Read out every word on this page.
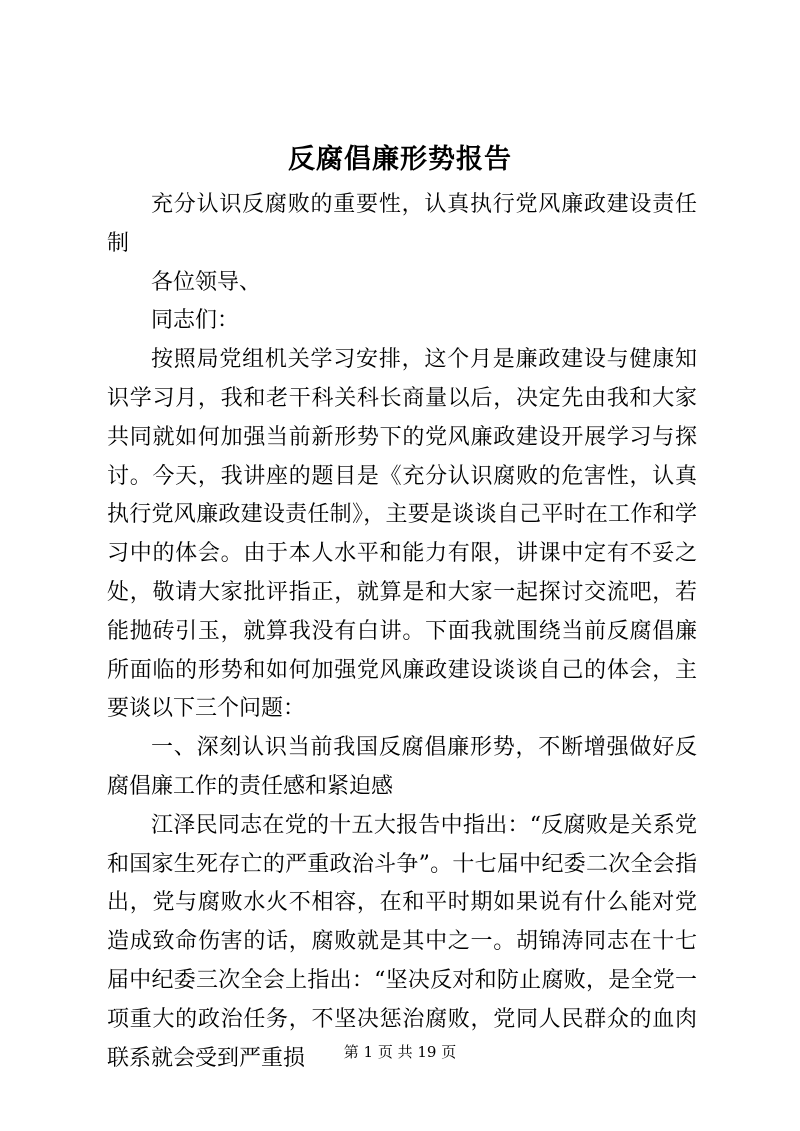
反腐倡廉形势报告

充分认识反腐败的重要性，认真执行党风廉政建设责任制

各位领导、

同志们：

按照局党组机关学习安排，这个月是廉政建设与健康知识学习月，我和老干科关科长商量以后，决定先由我和大家共同就如何加强当前新形势下的党风廉政建设开展学习与探讨。今天，我讲座的题目是《充分认识腐败的危害性，认真执行党风廉政建设责任制》，主要是谈谈自己平时在工作和学习中的体会。由于本人水平和能力有限，讲课中定有不妥之处，敬请大家批评指正，就算是和大家一起探讨交流吧，若能抛砖引玉，就算我没有白讲。下面我就围绕当前反腐倡廉所面临的形势和如何加强党风廉政建设谈谈自己的体会，主要谈以下三个问题：

一、深刻认识当前我国反腐倡廉形势，不断增强做好反腐倡廉工作的责任感和紧迫感

江泽民同志在党的十五大报告中指出：“反腐败是关系党和国家生死存亡的严重政治斗争”。十七届中纪委二次全会指出，党与腐败水火不相容，在和平时期如果说有什么能对党造成致命伤害的话，腐败就是其中之一。胡锦涛同志在十七届中纪委三次全会上指出：“坚决反对和防止腐败，是全党一项重大的政治任务，不坚决惩治腐败，党同人民群众的血肉联系就会受到严重损	第 1 页 共 19 页
